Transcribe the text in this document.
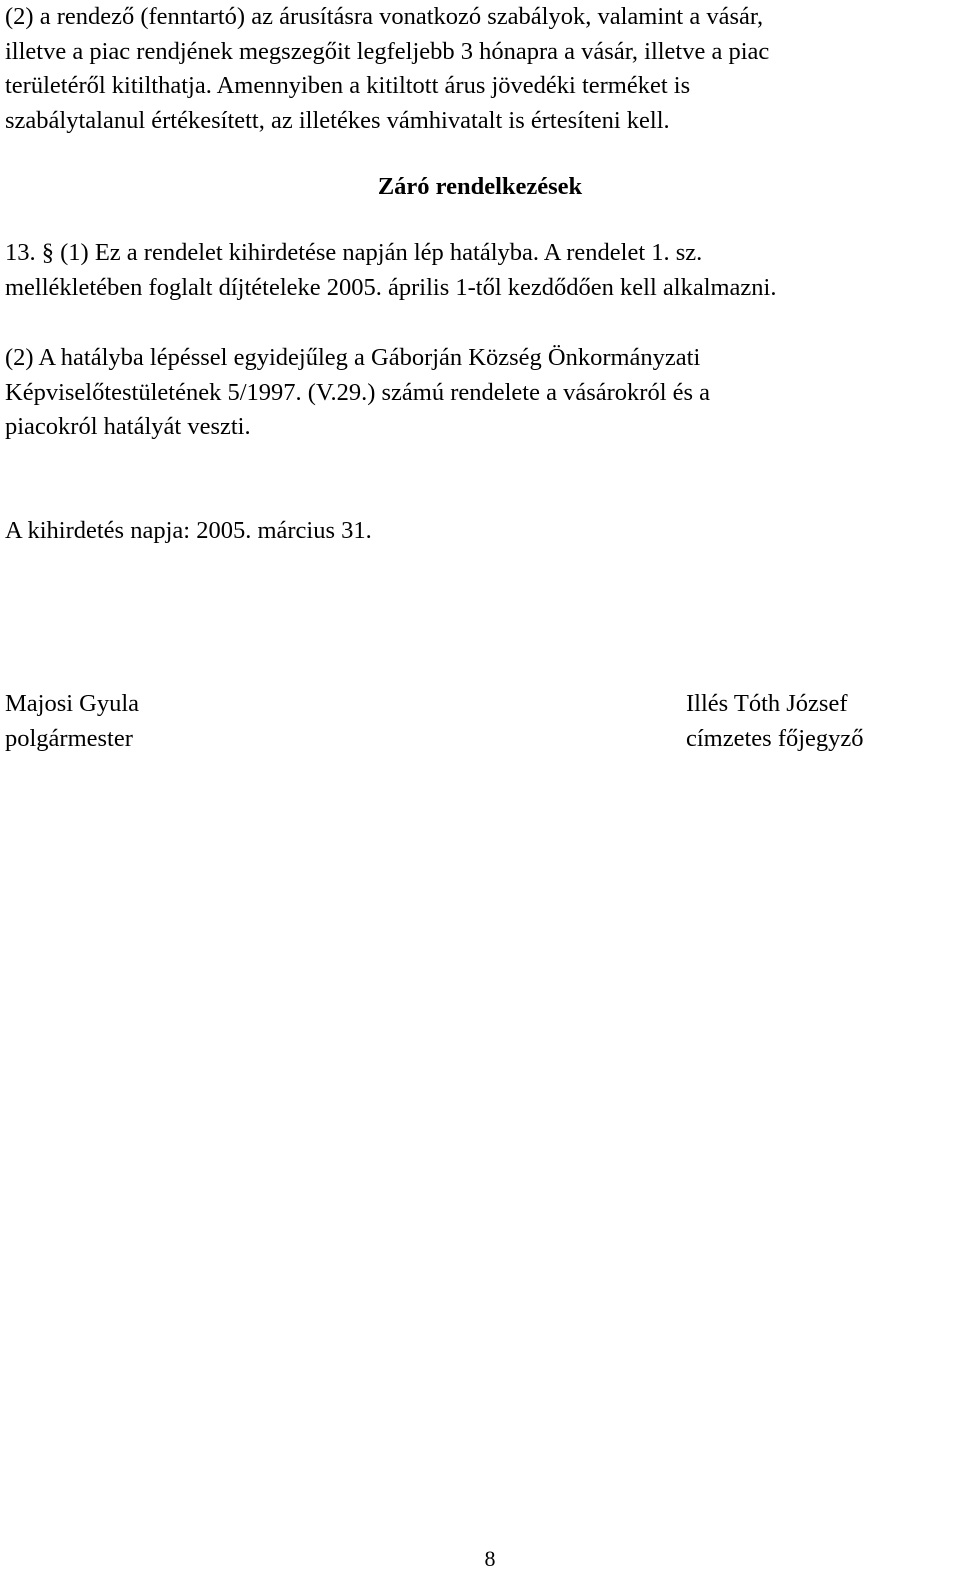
(2) a rendező (fenntartó) az árusításra vonatkozó szabályok, valamint a vásár,
illetve a piac rendjének megszegőit legfeljebb 3 hónapra a vásár, illetve a piac
területéről kitilthatja. Amennyiben a kitiltott árus jövedéki terméket is
szabálytalanul értékesített, az illetékes vámhivatalt is értesíteni kell.

Záró rendelkezések

13. § (1) Ez a rendelet kihirdetése napján lép hatályba. A rendelet 1. sz.
mellékletében foglalt díjtételeke 2005. április 1-től kezdődően kell alkalmazni.

(2) A hatályba lépéssel egyidejűleg a Gáborján Község Önkormányzati
Képviselőtestületének 5/1997. (V.29.) számú rendelete a vásárokról és a
piacokról hatályát veszti.

A kihirdetés napja: 2005. március 31.

Majosi Gyula
polgármester
Illés Tóth József
címzetes főjegyző
8
